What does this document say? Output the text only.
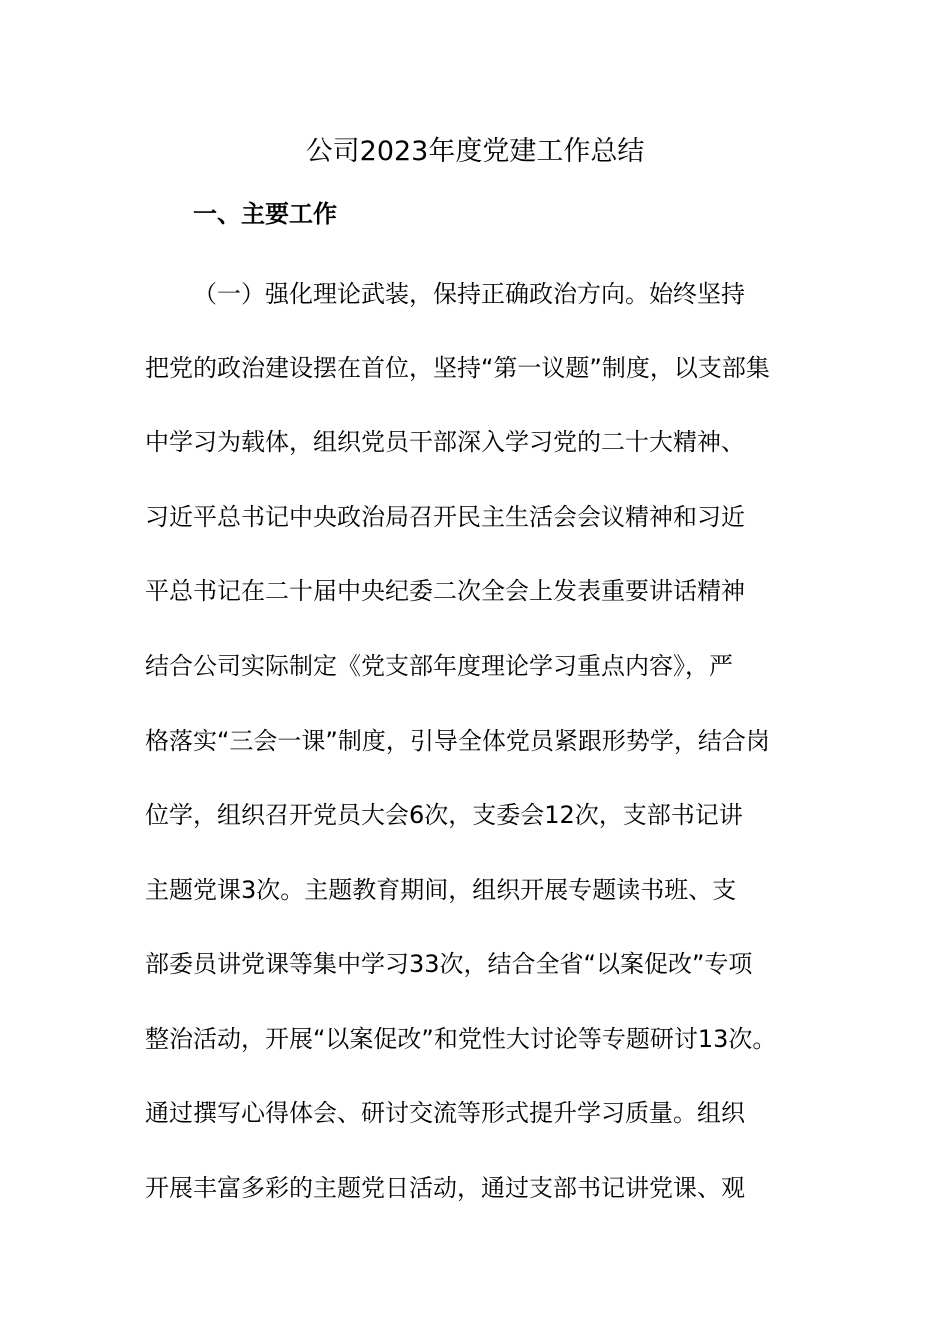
公司2023年度党建工作总结
一、主要工作
（一）强化理论武装，保持正确政治方向。始终坚持
把党的政治建设摆在首位，坚持“第一议题”制度，以支部集
中学习为载体，组织党员干部深入学习党的二十大精神、
习近平总书记中央政治局召开民主生活会会议精神和习近
平总书记在二十届中央纪委二次全会上发表重要讲话精神
结合公司实际制定《党支部年度理论学习重点内容》，严
格落实“三会一课”制度，引导全体党员紧跟形势学，结合岗
位学，组织召开党员大会6次，支委会12次，支部书记讲
主题党课3次。主题教育期间，组织开展专题读书班、支
部委员讲党课等集中学习33次，结合全省“以案促改”专项
整治活动，开展“以案促改”和党性大讨论等专题研讨13次。
通过撰写心得体会、研讨交流等形式提升学习质量。组织
开展丰富多彩的主题党日活动，通过支部书记讲党课、观
